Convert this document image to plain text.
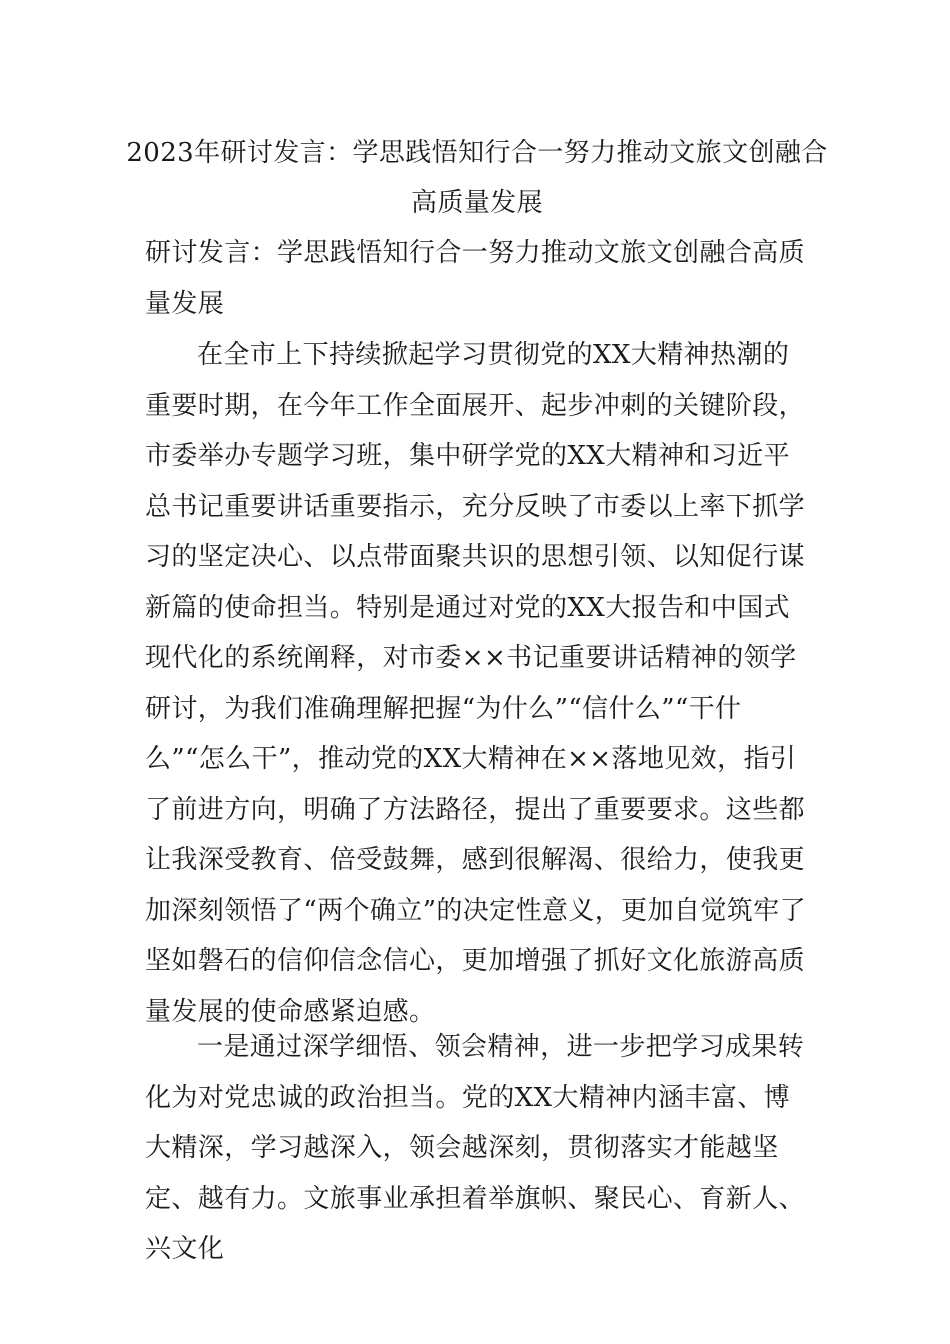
2023年研讨发言：学思践悟知行合一努力推动文旅文创融合高质量发展
研讨发言：学思践悟知行合一努力推动文旅文创融合高质量发展
在全市上下持续掀起学习贯彻党的XX大精神热潮的重要时期，在今年工作全面展开、起步冲刺的关键阶段，市委举办专题学习班，集中研学党的XX大精神和习近平总书记重要讲话重要指示，充分反映了市委以上率下抓学习的坚定决心、以点带面聚共识的思想引领、以知促行谋新篇的使命担当。特别是通过对党的XX大报告和中国式现代化的系统阐释，对市委××书记重要讲话精神的领学研讨，为我们准确理解把握“为什么”“信什么”“干什么”“怎么干”，推动党的XX大精神在××落地见效，指引了前进方向，明确了方法路径，提出了重要要求。这些都让我深受教育、倍受鼓舞，感到很解渴、很给力，使我更加深刻领悟了“两个确立”的决定性意义，更加自觉筑牢了坚如磐石的信仰信念信心，更加增强了抓好文化旅游高质量发展的使命感紧迫感。
一是通过深学细悟、领会精神，进一步把学习成果转化为对党忠诚的政治担当。党的XX大精神内涵丰富、博大精深，学习越深入，领会越深刻，贯彻落实才能越坚定、越有力。文旅事业承担着举旗帜、聚民心、育新人、兴文化
